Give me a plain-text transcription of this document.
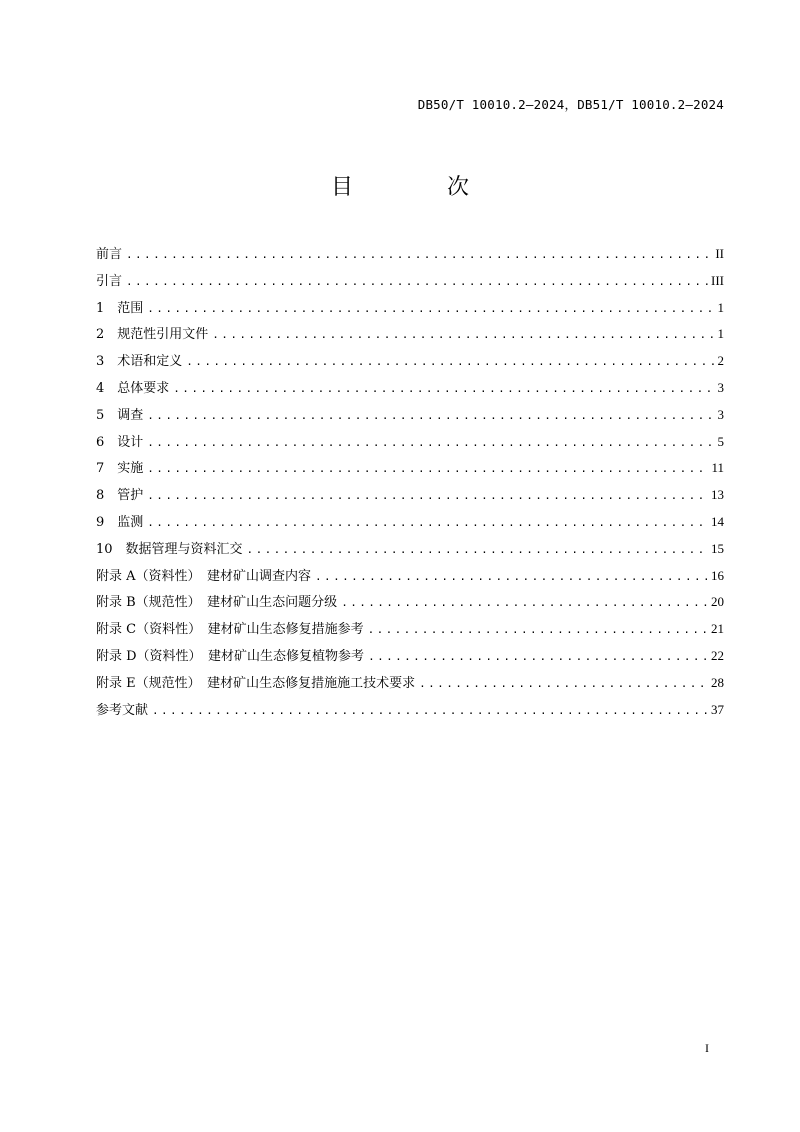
DB50/T 10010.2—2024，DB51/T 10010.2—2024
目　次
前言 .....	II
引言 .....	III
1　范围 .....	1
2　规范性引用文件 .....	1
3　术语和定义 .....	2
4　总体要求 .....	3
5　调查 .....	3
6　设计 .....	5
7　实施 .....	11
8　管护 .....	13
9　监测 .....	14
10　数据管理与资料汇交 .....	15
附录 A（资料性）　建材矿山调查内容 .....	16
附录 B（规范性）　建材矿山生态问题分级 .....	20
附录 C（资料性）　建材矿山生态修复措施参考 .....	21
附录 D（资料性）　建材矿山生态修复植物参考 .....	22
附录 E（规范性）　建材矿山生态修复措施施工技术要求 .....	28
参考文献 .....	37
I
